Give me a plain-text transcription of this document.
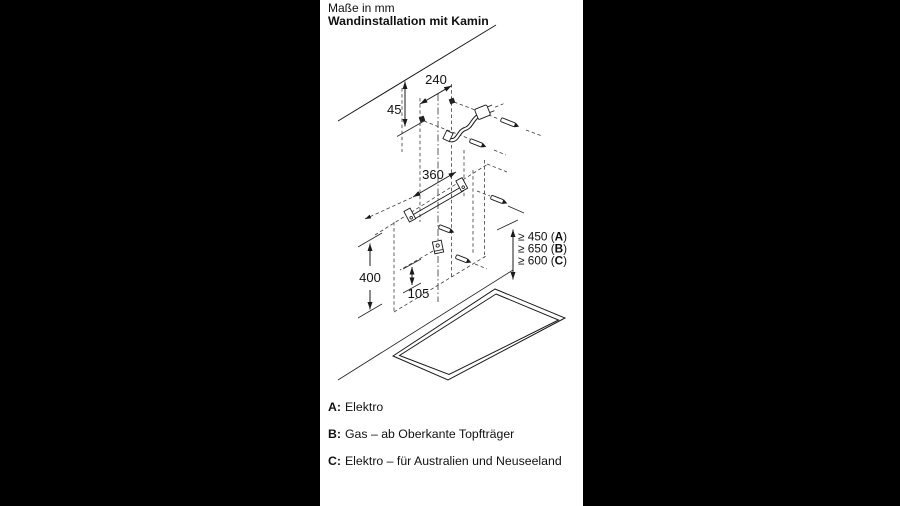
Maße in mm
Wandinstallation mit Kamin
240
45
360
400
105
≥ 450 (A)
≥ 650 (B)
≥ 600 (C)
A: Elektro
B: Gas – ab Oberkante Topfträger
C: Elektro – für Australien und Neuseeland
